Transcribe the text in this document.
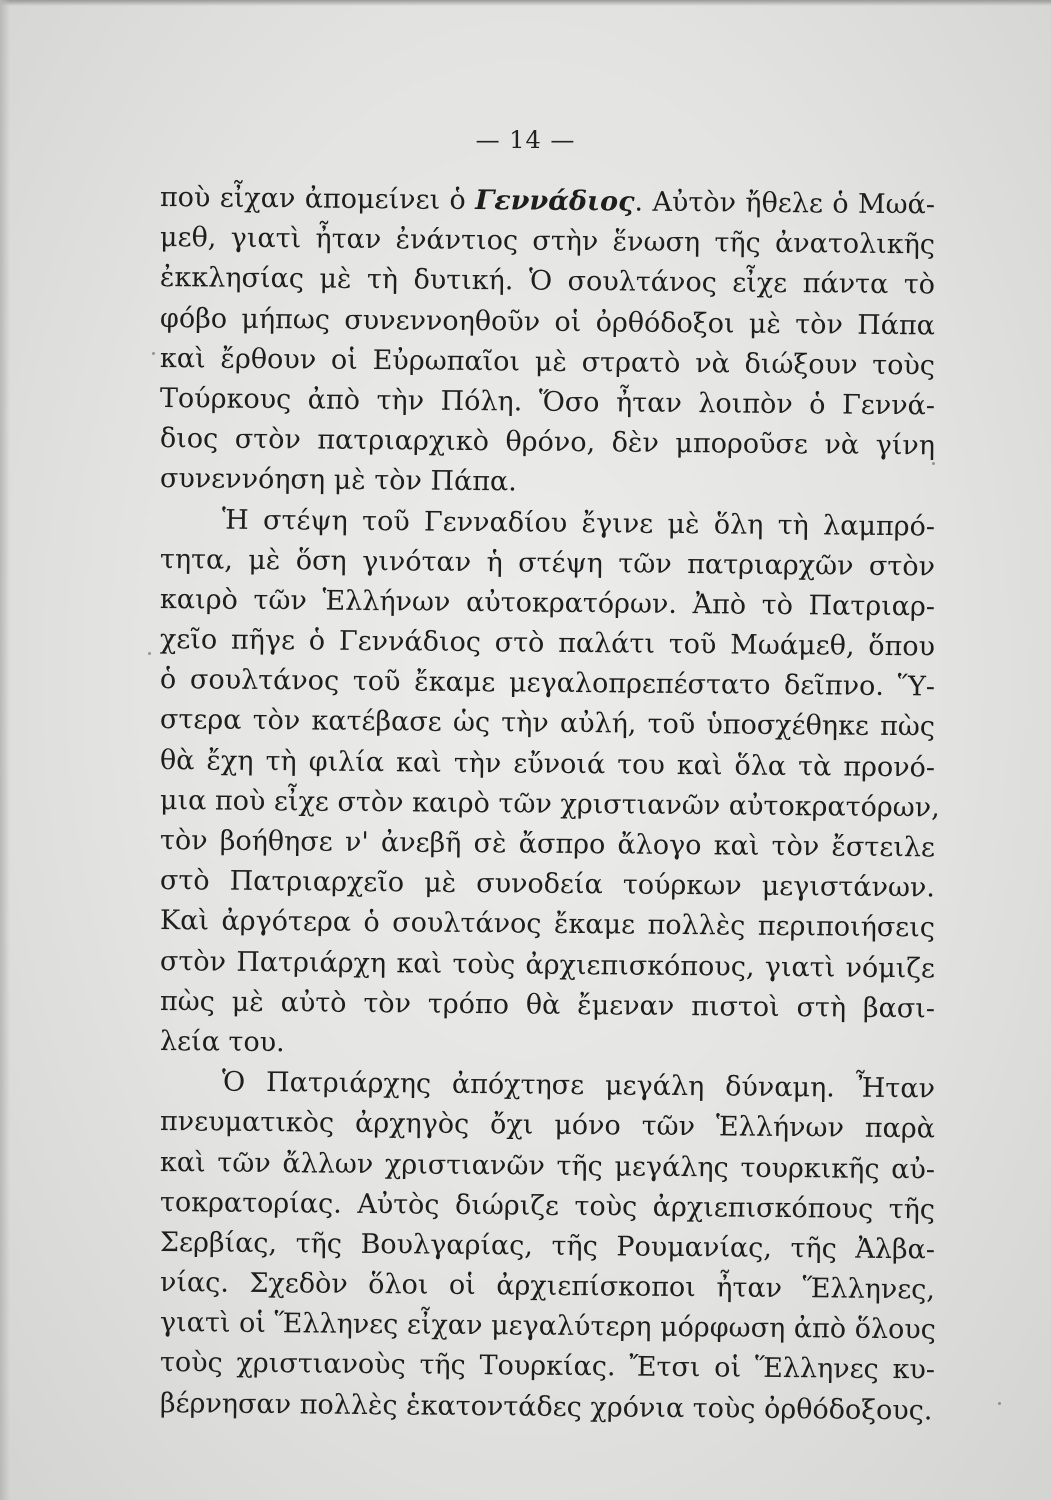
— 14 —
ποὺ εἶχαν ἀπομείνει ὁ Γεννάδιος. Αὐτὸν ἤθελε ὁ Μωά-
μεθ, γιατὶ ἦταν ἐνάντιος στὴν ἕνωση τῆς ἀνατολικῆς
ἐκκλησίας μὲ τὴ δυτική. Ὁ σουλτάνος εἶχε πάντα τὸ
φόβο μήπως συνεννοηθοῦν οἱ ὀρθόδοξοι μὲ τὸν Πάπα
καὶ ἔρθουν οἱ Εὐρωπαῖοι μὲ στρατὸ νὰ διώξουν τοὺς
Τούρκους ἀπὸ τὴν Πόλη. Ὅσο ἦταν λοιπὸν ὁ Γεννά-
διος στὸν πατριαρχικὸ θρόνο, δὲν μποροῦσε νὰ γίνη
συνεννόηση μὲ τὸν Πάπα.
Ἡ στέψη τοῦ Γενναδίου ἔγινε μὲ ὅλη τὴ λαμπρό-
τητα, μὲ ὅση γινόταν ἡ στέψη τῶν πατριαρχῶν στὸν
καιρὸ τῶν Ἑλλήνων αὐτοκρατόρων. Ἀπὸ τὸ Πατριαρ-
χεῖο πῆγε ὁ Γεννάδιος στὸ παλάτι τοῦ Μωάμεθ, ὅπου
ὁ σουλτάνος τοῦ ἔκαμε μεγαλοπρεπέστατο δεῖπνο. Ὕ-
στερα τὸν κατέβασε ὡς τὴν αὐλή, τοῦ ὑποσχέθηκε πὼς
θὰ ἔχη τὴ φιλία καὶ τὴν εὔνοιά του καὶ ὅλα τὰ προνό-
μια ποὺ εἶχε στὸν καιρὸ τῶν χριστιανῶν αὐτοκρατόρων,
τὸν βοήθησε ν' ἀνεβῆ σὲ ἄσπρο ἄλογο καὶ τὸν ἔστειλε
στὸ Πατριαρχεῖο μὲ συνοδεία τούρκων μεγιστάνων.
Καὶ ἀργότερα ὁ σουλτάνος ἔκαμε πολλὲς περιποιήσεις
στὸν Πατριάρχη καὶ τοὺς ἀρχιεπισκόπους, γιατὶ νόμιζε
πὼς μὲ αὐτὸ τὸν τρόπο θὰ ἔμεναν πιστοὶ στὴ βασι-
λεία του.
Ὁ Πατριάρχης ἀπόχτησε μεγάλη δύναμη. Ἦταν
πνευματικὸς ἀρχηγὸς ὄχι μόνο τῶν Ἑλλήνων παρὰ
καὶ τῶν ἄλλων χριστιανῶν τῆς μεγάλης τουρκικῆς αὐ-
τοκρατορίας. Αὐτὸς διώριζε τοὺς ἀρχιεπισκόπους τῆς
Σερβίας, τῆς Βουλγαρίας, τῆς Ρουμανίας, τῆς Ἀλβα-
νίας. Σχεδὸν ὅλοι οἱ ἀρχιεπίσκοποι ἦταν Ἕλληνες,
γιατὶ οἱ Ἕλληνες εἶχαν μεγαλύτερη μόρφωση ἀπὸ ὅλους
τοὺς χριστιανοὺς τῆς Τουρκίας. Ἔτσι οἱ Ἕλληνες κυ-
βέρνησαν πολλὲς ἑκατοντάδες χρόνια τοὺς ὀρθόδοξους.
